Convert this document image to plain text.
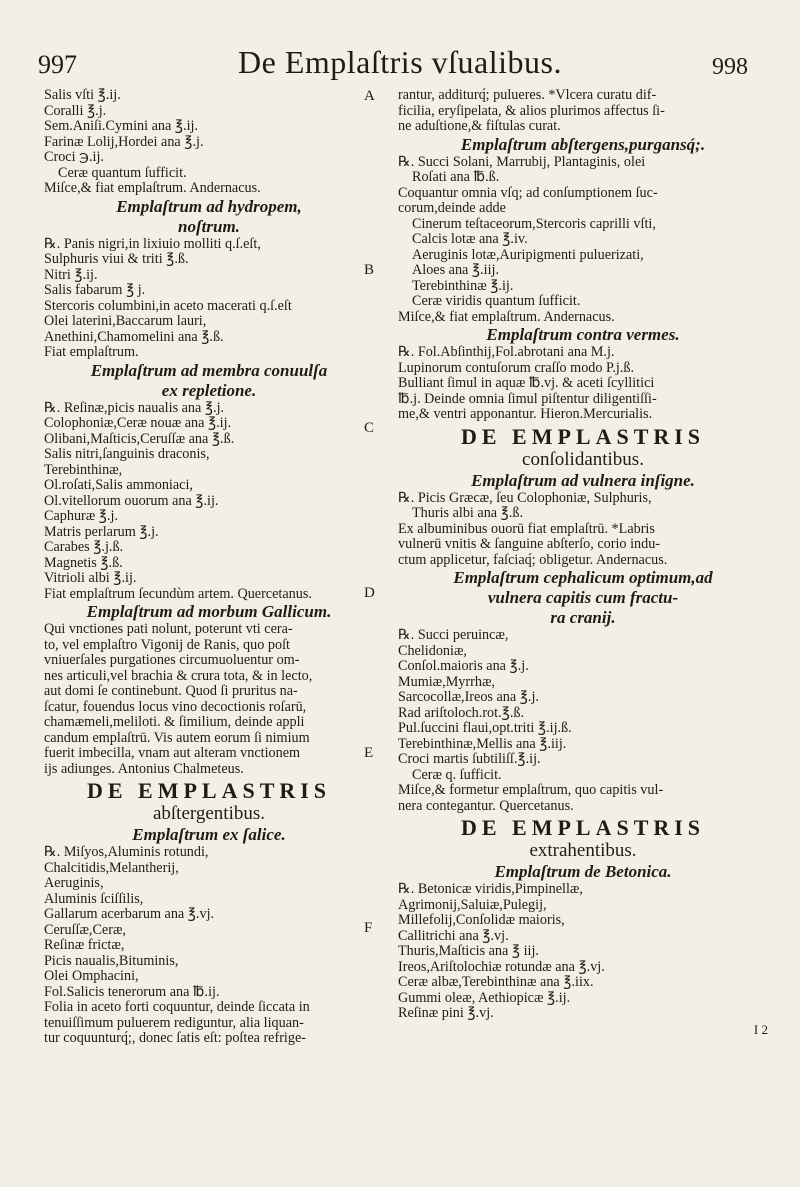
997	De Emplaſtris vſualibus.	998
A
B
C
D
E
F
Salis vſti ℥.ij.
Coralli ℥.j.
Sem.Aniſi.Cymini ana ℥.ij.
Farinæ Lolij,Hordei ana ℥.j.
Croci ℈.ij.
Ceræ quantum ſufficit.
Miſce,& fiat emplaſtrum. Andernacus.
Emplaſtrum ad hydropem,
noſtrum.
℞. Panis nigri,in lixiuio molliti q.ſ.eſt,
Sulphuris viui & triti ℥.ß.
Nitri ℥.ij.
Salis fabarum ℥ j.
Stercoris columbini,in aceto macerati q.ſ.eſt
Olei laterini,Baccarum lauri,
Anethini,Chamomelini ana ℥.ß.
Fiat emplaſtrum.
Emplaſtrum ad membra conuulſa
ex repletione.
℞. Reſinæ,picis naualis ana ℥.j.
Colophoniæ,Ceræ nouæ ana ℥.ij.
Olibani,Maſticis,Ceruſſæ ana ℥.ß.
Salis nitri,ſanguinis draconis,
Terebinthinæ,
Ol.roſati,Salis ammoniaci,
Ol.vitellorum ouorum ana ℥.ij.
Caphuræ ℥.j.
Matris perlarum ℥.j.
Carabes ℥.j.ß.
Magnetis ℥.ß.
Vitrioli albi ℥.ij.
Fiat emplaſtrum ſecundùm artem. Quercetanus.
Emplaſtrum ad morbum Gallicum.
Qui vnctiones pati nolunt, poterunt vti cera-
to, vel emplaſtro Vigonij de Ranis, quo poſt
vniuerſales purgationes circumuoluentur om-
nes articuli,vel brachia & crura tota, & in lecto,
aut domi ſe continebunt. Quod ſi pruritus na-
ſcatur, fouendus locus vino decoctionis roſarū,
chamæmeli,meliloti. & ſimilium, deinde appli
candum emplaſtrū. Vis autem eorum ſi nimium
fuerit imbecilla, vnam aut alteram vnctionem
ijs adiunges. Antonius Chalmeteus.
DE EMPLASTRIS
abſtergentibus.
Emplaſtrum ex ſalice.
℞. Miſyos,Aluminis rotundi,
Chalcitidis,Melantherij,
Aeruginis,
Aluminis ſciſſilis,
Gallarum acerbarum ana ℥.vj.
Ceruſſæ,Ceræ,
Reſinæ frictæ,
Picis naualis,Bituminis,
Olei Omphacini,
Fol.Salicis tenerorum ana ℔.ij.
Folia in aceto forti coquuntur, deinde ſiccata in
tenuiſſimum puluerem rediguntur, alia liquan-
tur coquunturq́;, donec ſatis eſt: poſtea refrige-
rantur, additurq́; pulueres. *Vlcera curatu dif-
ficilia, eryſipelata, & alios plurimos affectus ſi-
ne aduſtione,& fiſtulas curat.
Emplaſtrum abſtergens,purgansq́;.
℞. Succi Solani, Marrubij, Plantaginis, olei
Roſati ana ℔.ß.
Coquantur omnia vſq; ad conſumptionem ſuc-
corum,deinde adde
Cinerum teſtacеorum,Stercoris caprilli vſti,
Calcis lotæ ana ℥.iv.
Aeruginis lotæ,Auripigmenti puluerizati,
Aloes ana ℥.iij.
Terebinthinæ ℥.ij.
Ceræ viridis quantum ſufficit.
Miſce,& fiat emplaſtrum. Andernacus.
Emplaſtrum contra vermes.
℞. Fol.Abſinthij,Fol.abrotani ana M.j.
Lupinorum contuſorum craſſo modo P.j.ß.
Bulliant ſimul in aquæ ℔.vj. & aceti ſcyllitici
℔.j. Deinde omnia ſimul piſtentur diligentiſſi-
me,& ventri apponantur. Hieron.Mercurialis.
DE EMPLASTRIS
conſolidantibus.
Emplaſtrum ad vulnera inſigne.
℞. Picis Græcæ, ſeu Colophoniæ, Sulphuris,
Thuris albi ana ℥.ß.
Ex albuminibus ouorū fiat emplaſtrū. *Labris
vulnerū vnitis & ſanguine abſterſo, corio indu-
ctum applicetur, faſciaq́; obligetur. Andernacus.
Emplaſtrum cephalicum optimum,ad
vulnera capitis cum fractu-
ra cranij.
℞. Succi peruincæ,
Chelidoniæ,
Conſol.maioris ana ℥.j.
Mumiæ,Myrrhæ,
Sarcocollæ,Ireos ana ℥.j.
Rad ariſtoloch.rot.℥.ß.
Pul.ſuccini flaui,opt.triti ℥.ij.ß.
Terebinthinæ,Mellis ana ℥.iij.
Croci martis ſubtiliſſ.℥.ij.
Ceræ q. ſufficit.
Miſce,& formetur emplaſtrum, quo capitis vul-
nera contegantur. Quercetanus.
DE EMPLASTRIS
extrahentibus.
Emplaſtrum de Betonica.
℞. Betonicæ viridis,Pimpinellæ,
Agrimonij,Saluiæ,Pulegij,
Millefolij,Conſolidæ maioris,
Callitrichi ana ℥.vj.
Thuris,Maſticis ana ℥ iij.
Ireos,Ariſtolochiæ rotundæ ana ℥.vj.
Ceræ albæ,Terebinthinæ ana ℥.iix.
Gummi oleæ, Aethiopicæ ℥.ij.
Reſinæ pini ℥.vj.
I 2
